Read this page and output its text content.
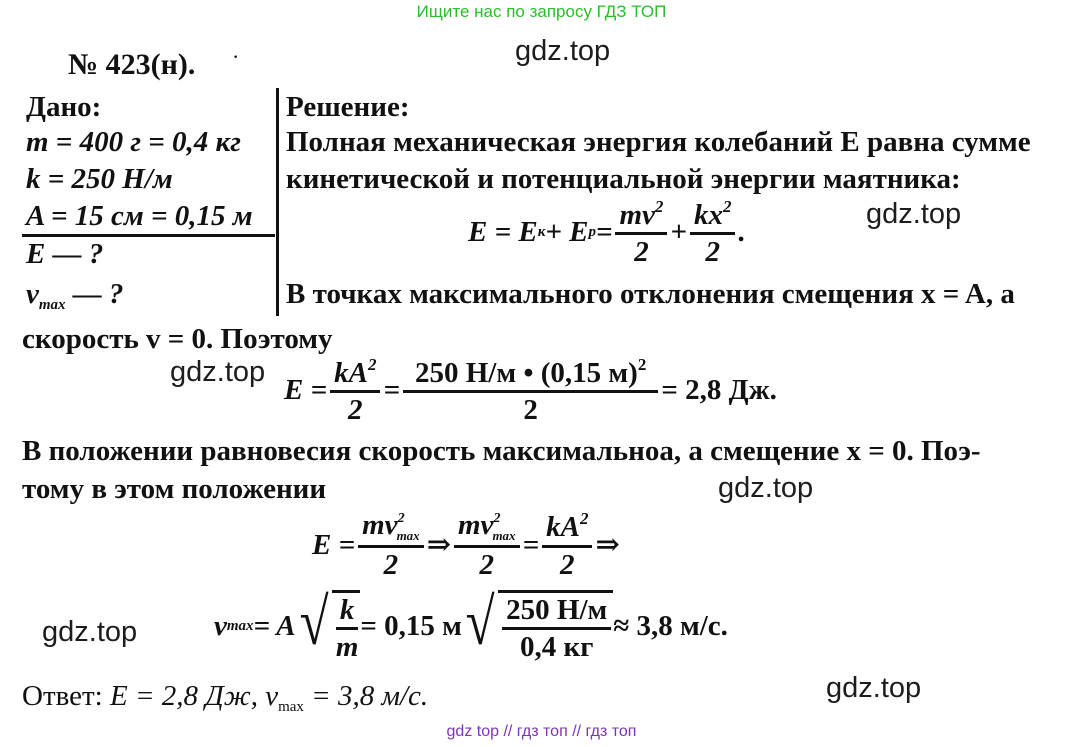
Ищите нас по запросу ГДЗ ТОП
№ 423(н). ·
Дано:
m = 400 г = 0,4 кг
k = 250 Н/м
A = 15 см = 0,15 м
E — ?
$v_{max}$ — ?
Решение:
Полная механическая энергия колебаний E равна сумме
кинетической и потенциальной энергии маятника:
E = E к + E $р = \frac{mv^2}{2} + \frac{kx^2}{2}$ .
В точках максимального отклонения смещения x = A, а
скорость v = 0. Поэтому
$E = \frac{kA^2}{2} = \frac{250 Н/м • (0,15 м)^2}{2} = 2,8$ Дж.
В положении равновесия скорость максимальноа, а смещение x = 0. Поэ-
тому в этом положении
$E = \frac{mv^2_{max}}{2}$ ⇒ $\frac{mv^2_{max}}{2} = \frac{kA^2}{2}$ ⇒
v max = A √ $\frac{k}{m} = 0,15$ м √ $\frac{250 Н/м}{0,4 кг} \approx 3,8$ м/с.
Ответ: E = 2,8 Дж, $v_{max} = 3,8$ м/с.
gdz.top
gdz.top
gdz.top
gdz.top
gdz.top
gdz.top
gdz top // гдз топ // гдз топ
